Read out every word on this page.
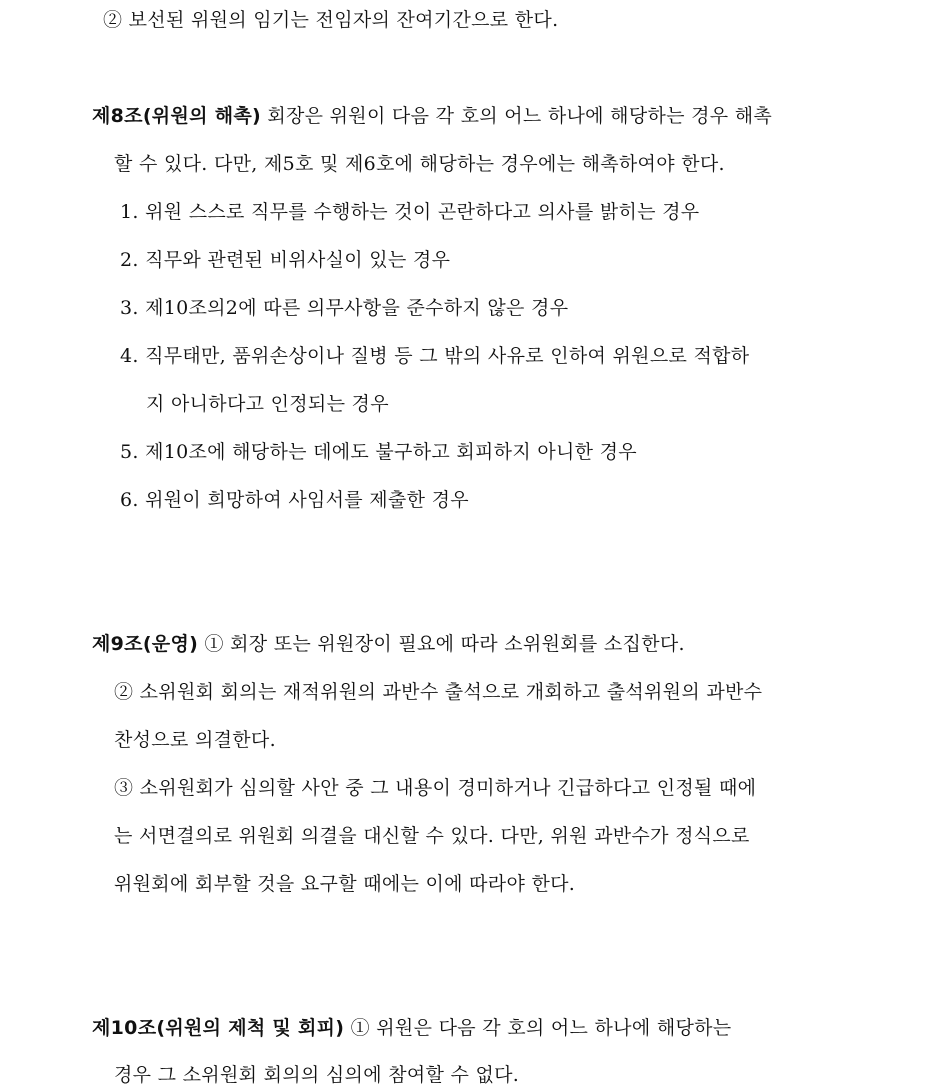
② 보선된 위원의 임기는 전임자의 잔여기간으로 한다.
제8조(위원의 해촉) 회장은 위원이 다음 각 호의 어느 하나에 해당하는 경우 해촉
할 수 있다. 다만, 제5호 및 제6호에 해당하는 경우에는 해촉하여야 한다.
1. 위원 스스로 직무를 수행하는 것이 곤란하다고 의사를 밝히는 경우
2. 직무와 관련된 비위사실이 있는 경우
3. 제10조의2에 따른 의무사항을 준수하지 않은 경우
4. 직무태만, 품위손상이나 질병 등 그 밖의 사유로 인하여 위원으로 적합하
지 아니하다고 인정되는 경우
5. 제10조에 해당하는 데에도 불구하고 회피하지 아니한 경우
6. 위원이 희망하여 사임서를 제출한 경우
제9조(운영) ① 회장 또는 위원장이 필요에 따라 소위원회를 소집한다.
② 소위원회 회의는 재적위원의 과반수 출석으로 개회하고 출석위원의 과반수
찬성으로 의결한다.
③ 소위원회가 심의할 사안 중 그 내용이 경미하거나 긴급하다고 인정될 때에
는 서면결의로 위원회 의결을 대신할 수 있다. 다만, 위원 과반수가 정식으로
위원회에 회부할 것을 요구할 때에는 이에 따라야 한다.
제10조(위원의 제척 및 회피) ① 위원은 다음 각 호의 어느 하나에 해당하는
경우 그 소위원회 회의의 심의에 참여할 수 없다.
